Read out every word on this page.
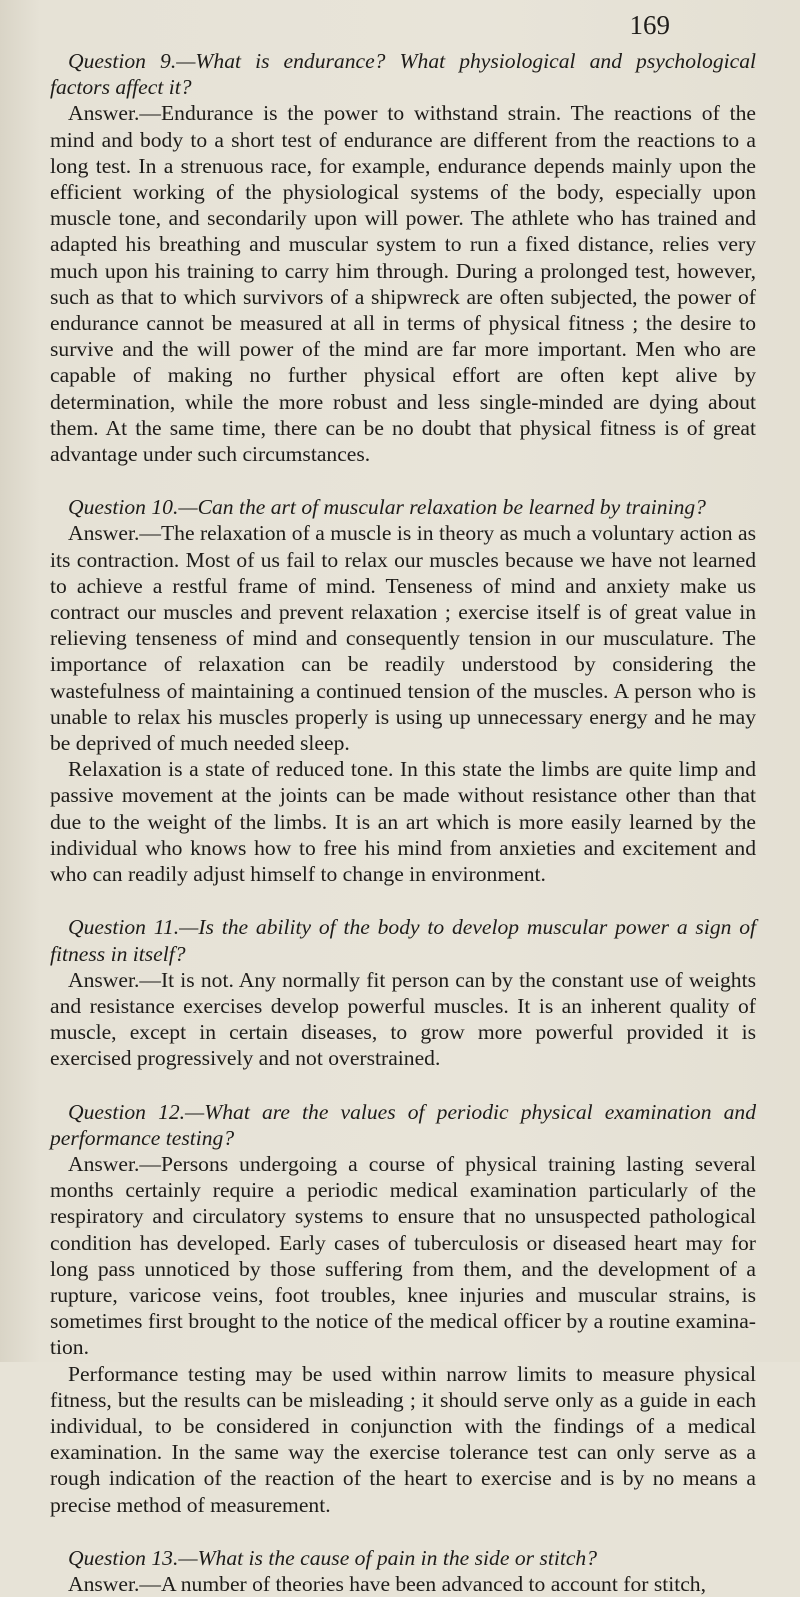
169

Question 9.—What is endurance? What physiological and psychological factors affect it?

Answer.—Endurance is the power to withstand strain. The reactions of the mind and body to a short test of endurance are different from the reactions to a long test. In a strenuous race, for example, endurance depends mainly upon the efficient working of the physiological systems of the body, especially upon muscle tone, and secondarily upon will power. The athlete who has trained and adapted his breathing and muscular system to run a fixed distance, relies very much upon his training to carry him through. During a prolonged test, however, such as that to which survivors of a shipwreck are often subjected, the power of endurance cannot be measured at all in terms of physical fitness ; the desire to survive and the will power of the mind are far more important. Men who are capable of making no further physical effort are often kept alive by determination, while the more robust and less single-minded are dying about them. At the same time, there can be no doubt that physical fitness is of great advantage under such circumstances.

Question 10.—Can the art of muscular relaxation be learned by training?

Answer.—The relaxation of a muscle is in theory as much a voluntary action as its contraction. Most of us fail to relax our muscles because we have not learned to achieve a restful frame of mind. Tenseness of mind and anxiety make us contract our muscles and prevent relaxation ; exercise itself is of great value in relieving tenseness of mind and consequently tension in our musculature. The importance of relaxation can be readily understood by considering the wastefulness of maintaining a continued tension of the muscles. A person who is unable to relax his muscles properly is using up unnecessary energy and he may be deprived of much needed sleep.

Relaxation is a state of reduced tone. In this state the limbs are quite limp and passive movement at the joints can be made without resistance other than that due to the weight of the limbs. It is an art which is more easily learned by the individual who knows how to free his mind from anxieties and excitement and who can readily adjust himself to change in environment.

Question 11.—Is the ability of the body to develop muscular power a sign of fitness in itself?

Answer.—It is not. Any normally fit person can by the constant use of weights and resistance exercises develop powerful muscles. It is an inherent quality of muscle, except in certain diseases, to grow more powerful provided it is exercised progressively and not overstrained.

Question 12.—What are the values of periodic physical examination and performance testing?

Answer.—Persons undergoing a course of physical training lasting several months certainly require a periodic medical examination particularly of the respiratory and circulatory systems to ensure that no unsuspected pathological condition has developed. Early cases of tuberculosis or diseased heart may for long pass unnoticed by those suffering from them, and the development of a rupture, varicose veins, foot troubles, knee injuries and muscular strains, is sometimes first brought to the notice of the medical officer by a routine examina-tion.

Performance testing may be used within narrow limits to measure physical fitness, but the results can be misleading ; it should serve only as a guide in each individual, to be considered in conjunction with the findings of a medical examination. In the same way the exercise tolerance test can only serve as a rough indication of the reaction of the heart to exercise and is by no means a precise method of measurement.

Question 13.—What is the cause of pain in the side or stitch?

Answer.—A number of theories have been advanced to account for stitch,
